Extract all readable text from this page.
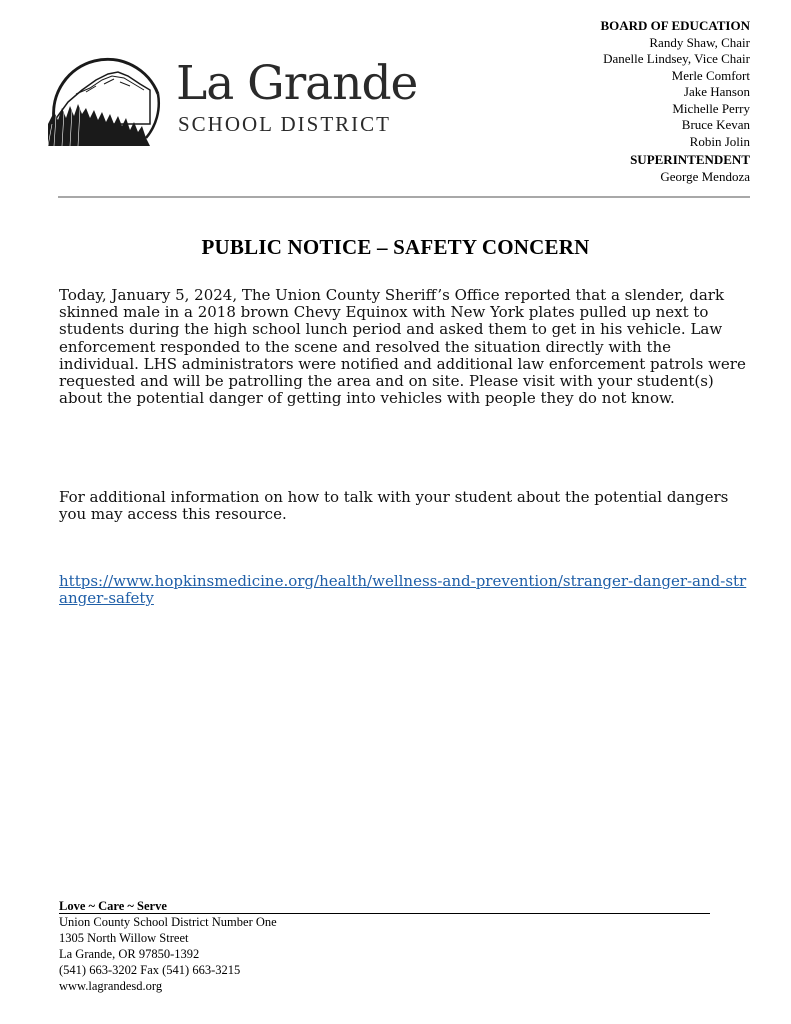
La Grande
SCHOOL DISTRICT
BOARD OF EDUCATION
Randy Shaw, Chair
Danelle Lindsey, Vice Chair
Merle Comfort
Jake Hanson
Michelle Perry
Bruce Kevan
Robin Jolin
SUPERINTENDENT
George Mendoza
PUBLIC NOTICE – SAFETY CONCERN
Today, January 5, 2024, The Union County Sheriff’s Office reported that a slender, dark skinned male in a 2018 brown Chevy Equinox with New York plates pulled up next to students during the high school lunch period and asked them to get in his vehicle. Law enforcement responded to the scene and resolved the situation directly with the individual. LHS administrators were notified and additional law enforcement patrols were requested and will be patrolling the area and on site. Please visit with your student(s) about the potential danger of getting into vehicles with people they do not know.
For additional information on how to talk with your student about the potential dangers you may access this resource.
https://www.hopkinsmedicine.org/health/wellness-and-prevention/stranger-danger-and-stranger-safety
Love ~ Care ~ Serve
Union County School District Number One
1305 North Willow Street
La Grande, OR 97850-1392
(541) 663-3202 Fax (541) 663-3215
www.lagrandesd.org
